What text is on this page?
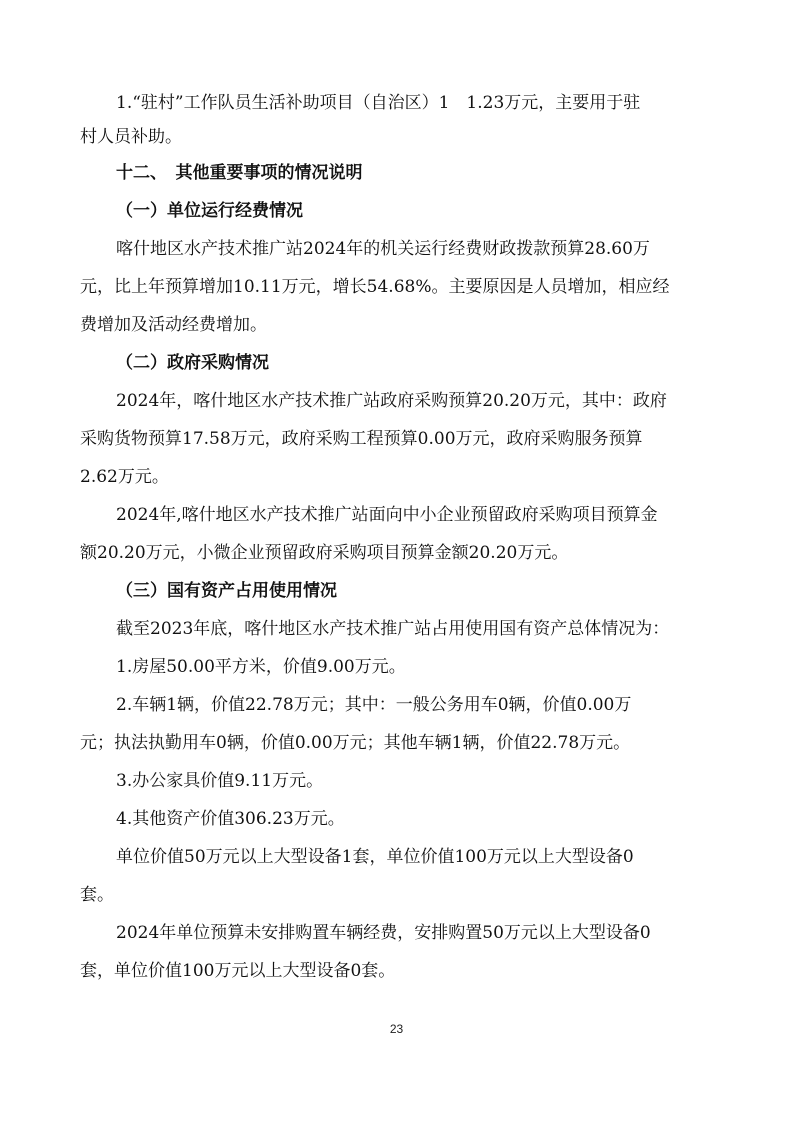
1.“驻村”工作队员生活补助项目（自治区）1　1.23万元，主要用于驻
村人员补助。
十二、　其他重要事项的情况说明
（一）单位运行经费情况
喀什地区水产技术推广站2024年的机关运行经费财政拨款预算28.60万
元，比上年预算增加10.11万元，增长54.68%。主要原因是人员增加，相应经
费增加及活动经费增加。
（二）政府采购情况
2024年，喀什地区水产技术推广站政府采购预算20.20万元，其中：政府
采购货物预算17.58万元，政府采购工程预算0.00万元，政府采购服务预算
2.62万元。
2024年,喀什地区水产技术推广站面向中小企业预留政府采购项目预算金
额20.20万元，小微企业预留政府采购项目预算金额20.20万元。
（三）国有资产占用使用情况
截至2023年底，喀什地区水产技术推广站占用使用国有资产总体情况为：
1.房屋50.00平方米，价值9.00万元。
2.车辆1辆，价值22.78万元；其中：一般公务用车0辆，价值0.00万
元；执法执勤用车0辆，价值0.00万元；其他车辆1辆，价值22.78万元。
3.办公家具价值9.11万元。
4.其他资产价值306.23万元。
单位价值50万元以上大型设备1套，单位价值100万元以上大型设备0
套。
2024年单位预算未安排购置车辆经费，安排购置50万元以上大型设备0
套，单位价值100万元以上大型设备0套。
23
